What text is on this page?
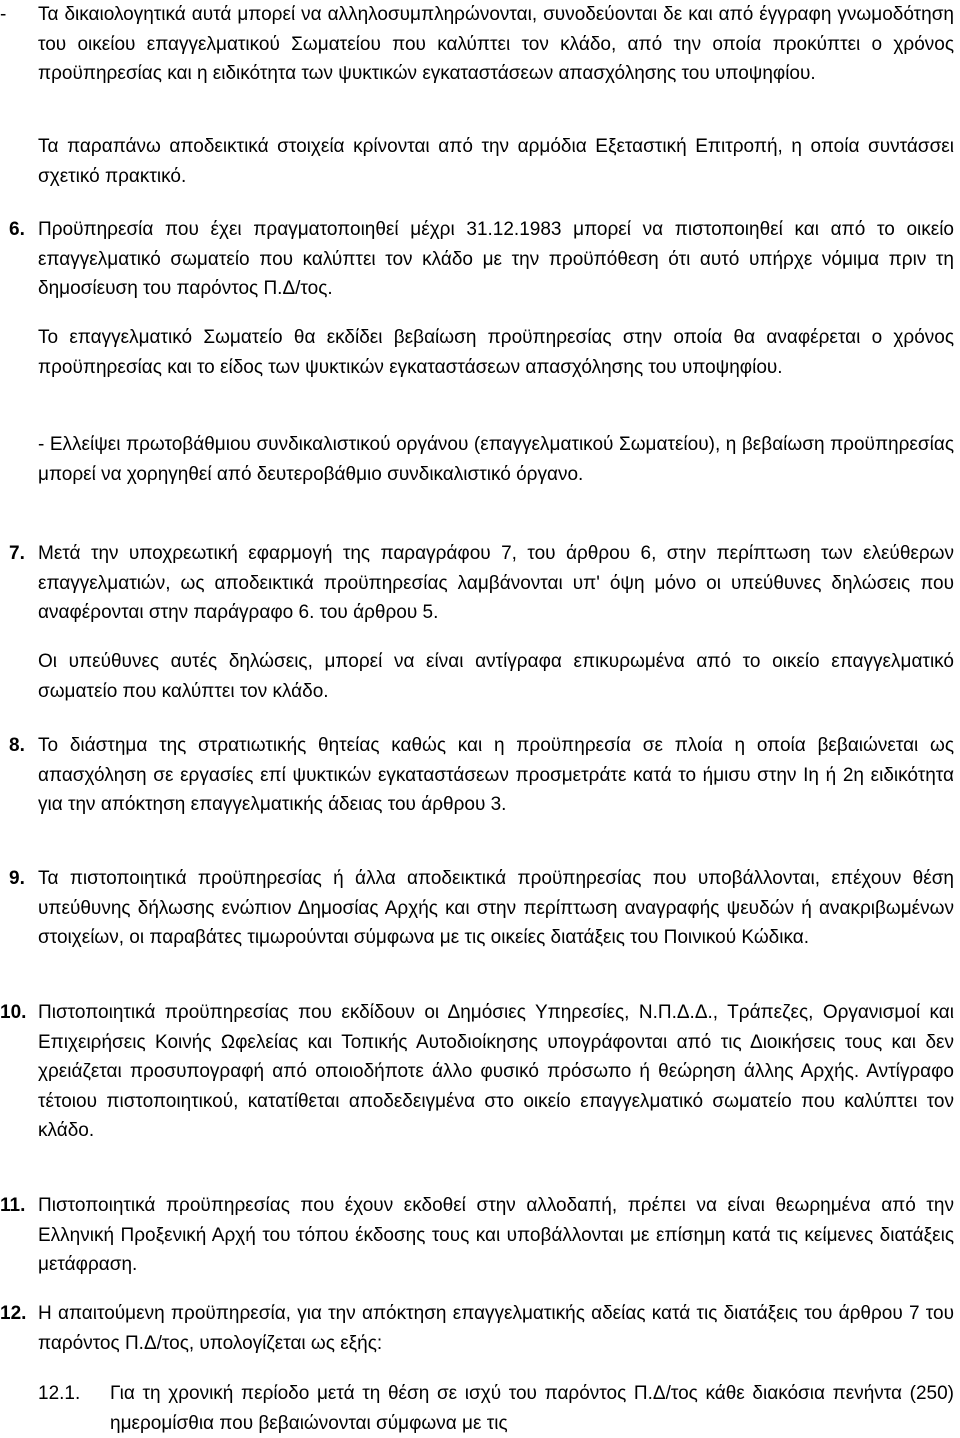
- Τα δικαιολογητικά αυτά μπορεί να αλληλοσυμπληρώνονται, συνοδεύονται δε και από έγγραφη γνωμοδότηση του οικείου επαγγελματικού Σωματείου που καλύπτει τον κλάδο, από την οποία προκύπτει ο χρόνος προϋπηρεσίας και η ειδικότητα των ψυκτικών εγκαταστάσεων απασχόλησης του υποψηφίου.
Τα παραπάνω αποδεικτικά στοιχεία κρίνονται από την αρμόδια Εξεταστική Επιτροπή, η οποία συντάσσει σχετικό πρακτικό.
6. Προϋπηρεσία που έχει πραγματοποιηθεί μέχρι 31.12.1983 μπορεί να πιστοποιηθεί και από το οικείο επαγγελματικό σωματείο που καλύπτει τον κλάδο με την προϋπόθεση ότι αυτό υπήρχε νόμιμα πριν τη δημοσίευση του παρόντος Π.Δ/τος.
Το επαγγελματικό Σωματείο θα εκδίδει βεβαίωση προϋπηρεσίας στην οποία θα αναφέρεται ο χρόνος προϋπηρεσίας και το είδος των ψυκτικών εγκαταστάσεων απασχόλησης του υποψηφίου.
- Ελλείψει πρωτοβάθμιου συνδικαλιστικού οργάνου (επαγγελματικού Σωματείου), η βεβαίωση προϋπηρεσίας μπορεί να χορηγηθεί από δευτεροβάθμιο συνδικαλιστικό όργανο.
7. Μετά την υποχρεωτική εφαρμογή της παραγράφου 7, του άρθρου 6, στην περίπτωση των ελεύθερων επαγγελματιών, ως αποδεικτικά προϋπηρεσίας λαμβάνονται υπ' όψη μόνο οι υπεύθυνες δηλώσεις που αναφέρονται στην παράγραφο 6. του άρθρου 5.
Οι υπεύθυνες αυτές δηλώσεις, μπορεί να είναι αντίγραφα επικυρωμένα από το οικείο επαγγελματικό σωματείο που καλύπτει τον κλάδο.
8. Το διάστημα της στρατιωτικής θητείας καθώς και η προϋπηρεσία σε πλοία η οποία βεβαιώνεται ως απασχόληση σε εργασίες επί ψυκτικών εγκαταστάσεων προσμετράτε κατά το ήμισυ στην Ιη ή 2η ειδικότητα για την απόκτηση επαγγελματικής άδειας του άρθρου 3.
9. Τα πιστοποιητικά προϋπηρεσίας ή άλλα αποδεικτικά προϋπηρεσίας που υποβάλλονται, επέχουν θέση υπεύθυνης δήλωσης ενώπιον Δημοσίας Αρχής και στην περίπτωση αναγραφής ψευδών ή ανακριβωμένων στοιχείων, οι παραβάτες τιμωρούνται σύμφωνα με τις οικείες διατάξεις του Ποινικού Κώδικα.
10. Πιστοποιητικά προϋπηρεσίας που εκδίδουν οι Δημόσιες Υπηρεσίες, Ν.Π.Δ.Δ., Τράπεζες, Οργανισμοί και Επιχειρήσεις Κοινής Ωφελείας και Τοπικής Αυτοδιοίκησης υπογράφονται από τις Διοικήσεις τους και δεν χρειάζεται προσυπογραφή από οποιοδήποτε άλλο φυσικό πρόσωπο ή θεώρηση άλλης Αρχής. Αντίγραφο τέτοιου πιστοποιητικού, κατατίθεται αποδεδειγμένα στο οικείο επαγγελματικό σωματείο που καλύπτει τον κλάδο.
11. Πιστοποιητικά προϋπηρεσίας που έχουν εκδοθεί στην αλλοδαπή, πρέπει να είναι θεωρημένα από την Ελληνική Προξενική Αρχή του τόπου έκδοσης τους και υποβάλλονται με επίσημη κατά τις κείμενες διατάξεις μετάφραση.
12. Η απαιτούμενη προϋπηρεσία, για την απόκτηση επαγγελματικής αδείας κατά τις διατάξεις του άρθρου 7 του παρόντος Π.Δ/τος, υπολογίζεται ως εξής:
12.1.	Για τη χρονική περίοδο μετά τη θέση σε ισχύ του παρόντος Π.Δ/τος κάθε διακόσια πενήντα (250) ημερομίσθια που βεβαιώνονται σύμφωνα με τις
